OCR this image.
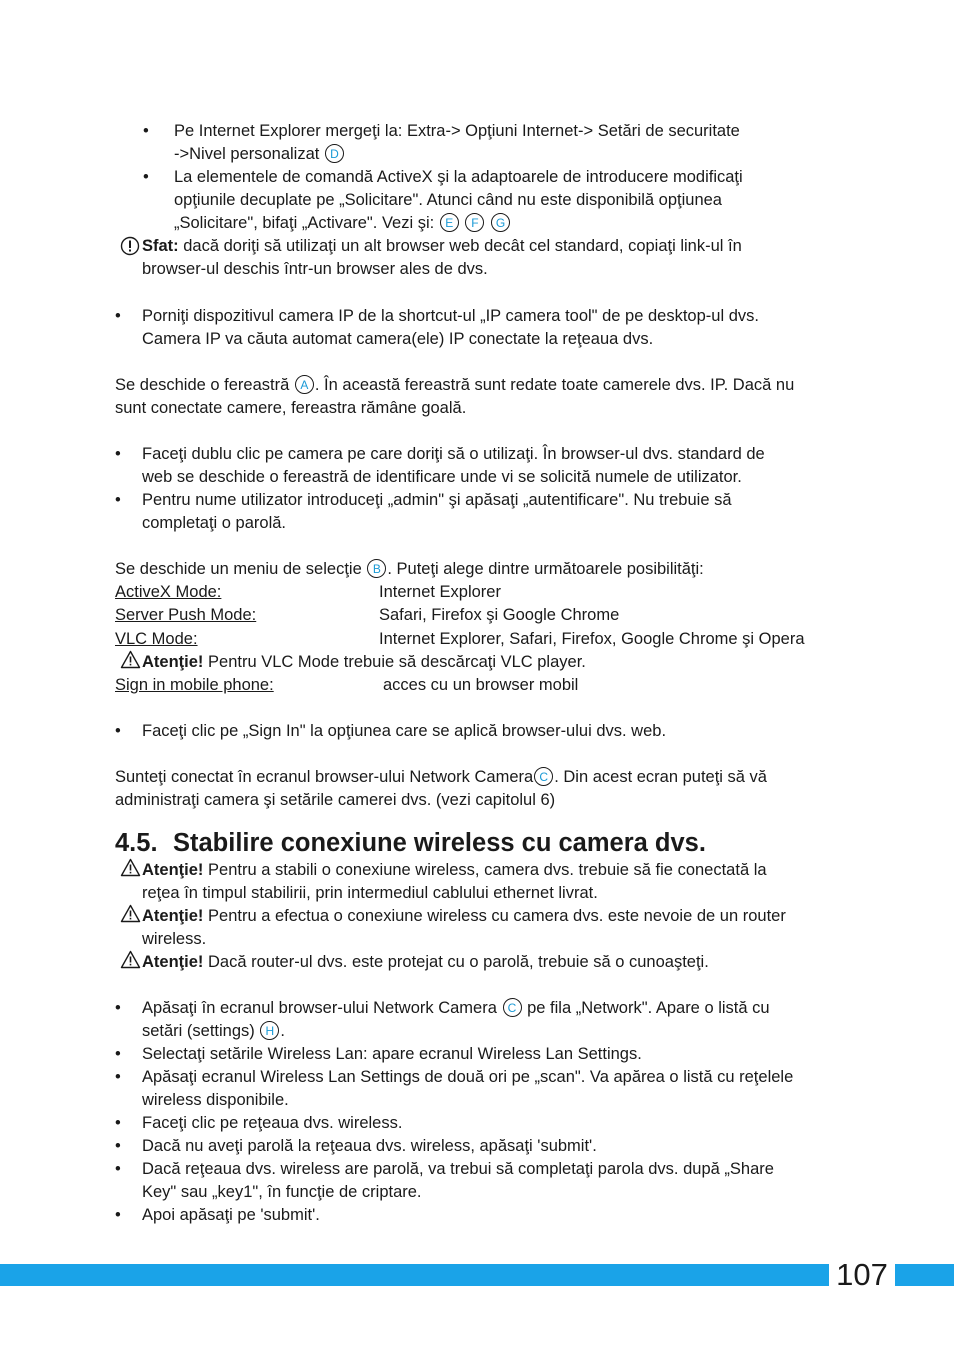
• Pe Internet Explorer mergeţi la: Extra-> Opţiuni Internet-> Setări de securitate
->Nivel personalizat D
• La elementele de comandă ActiveX şi la adaptoarele de introducere modificaţi
opţiunile decuplate pe „Solicitare". Atunci când nu este disponibilă opţiunea
„Solicitare", bifaţi „Activare". Vezi şi: E F G
Sfat: dacă doriţi să utilizaţi un alt browser web decât cel standard, copiaţi link-ul în
browser-ul deschis într-un browser ales de dvs.
• Porniţi dispozitivul camera IP de la shortcut-ul „IP camera tool" de pe desktop-ul dvs.
Camera IP va căuta automat camera(ele) IP conectate la reţeaua dvs.
Se deschide o fereastră A . În această fereastră sunt redate toate camerele dvs. IP. Dacă nu
sunt conectate camere, fereastra rămâne goală.
• Faceţi dublu clic pe camera pe care doriţi să o utilizaţi. În browser-ul dvs. standard de
web se deschide o fereastră de identificare unde vi se solicită numele de utilizator.
• Pentru nume utilizator introduceţi „admin" şi apăsaţi „autentificare". Nu trebuie să
completaţi o parolă.
Se deschide un meniu de selecţie B . Puteţi alege dintre următoarele posibilităţi:
ActiveX Mode:	Internet Explorer
Server Push Mode:	Safari, Firefox şi Google Chrome
VLC Mode:	Internet Explorer, Safari, Firefox, Google Chrome şi Opera
Atenţie! Pentru VLC Mode trebuie să descărcaţi VLC player.
Sign in mobile phone:	acces cu un browser mobil
• Faceţi clic pe „Sign In" la opţiunea care se aplică browser-ului dvs. web.
Sunteţi conectat în ecranul browser-ului Network Camera C . Din acest ecran puteţi să vă
administraţi camera şi setările camerei dvs. (vezi capitolul 6)
4.5. Stabilire conexiune wireless cu camera dvs.
Atenţie! Pentru a stabili o conexiune wireless, camera dvs. trebuie să fie conectată la
reţea în timpul stabilirii, prin intermediul cablului ethernet livrat.
Atenţie! Pentru a efectua o conexiune wireless cu camera dvs. este nevoie de un router
wireless.
Atenţie! Dacă router-ul dvs. este protejat cu o parolă, trebuie să o cunoaşteţi.
• Apăsaţi în ecranul browser-ului Network Camera C pe fila „Network". Apare o listă cu
setări (settings) H .
• Selectaţi setările Wireless Lan: apare ecranul Wireless Lan Settings.
• Apăsaţi ecranul Wireless Lan Settings de două ori pe „scan". Va apărea o listă cu reţelele
wireless disponibile.
• Faceţi clic pe reţeaua dvs. wireless.
• Dacă nu aveţi parolă la reţeaua dvs. wireless, apăsaţi 'submit'.
• Dacă reţeaua dvs. wireless are parolă, va trebui să completaţi parola dvs. după „Share
Key" sau „key1", în funcţie de criptare.
• Apoi apăsaţi pe 'submit'.
107
